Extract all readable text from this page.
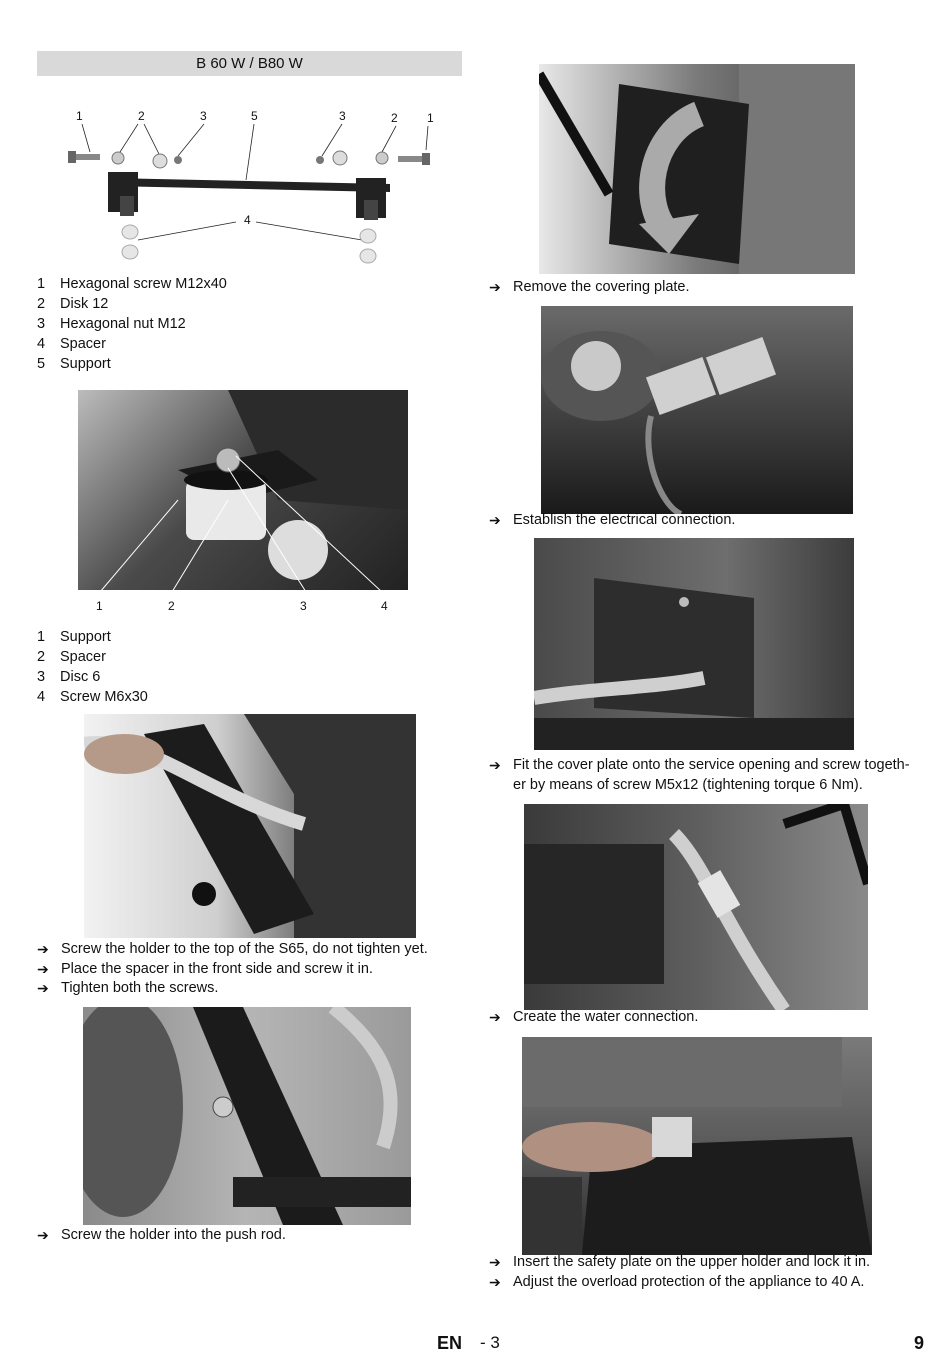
B 60 W / B80 W
1	2	3	5	3	2 1
4
1	Hexagonal screw M12x40
2	Disk 12
3	Hexagonal nut M12
4	Spacer
5	Support
1	2	3	4
1	Support
2	Spacer
3	Disc 6
4	Screw M6x30
➔ Screw the holder to the top of the S65, do not tighten yet.
➔ Place the spacer in the front side and screw it in.
➔ Tighten both the screws.
➔ Screw the holder into the push rod.
➔ Remove the covering plate.
➔ Establish the electrical connection.
➔ Fit the cover plate onto the service opening and screw togeth-
er by means of screw M5x12 (tightening torque 6 Nm).
➔ Create the water connection.
➔ Insert the safety plate on the upper holder and lock it in.
➔ Adjust the overload protection of the appliance to 40 A.
EN - 3	9
